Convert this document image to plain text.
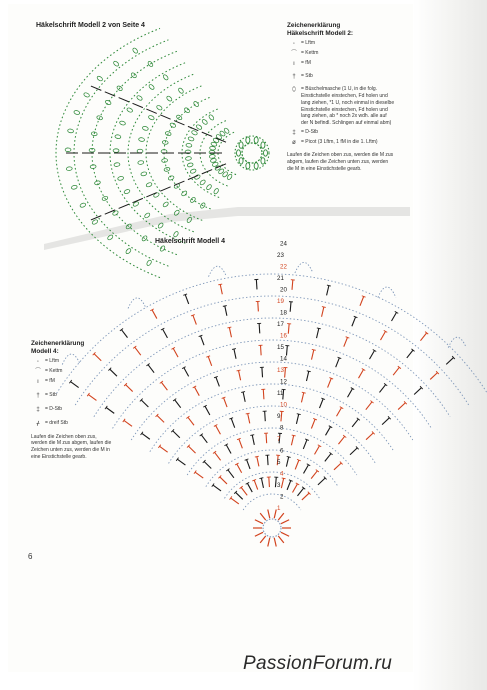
Häkelschrift Modell 2 von Seite 4
1
2
3
4
5
6
7
8
9
10
11
12
13
14
15
16
17
18
19
20
21
22
23
24
Zeichenerklärung
Häkelschrift Modell 2:
◦	= Lftm
⌒ = Kettm
ı	= fM
†	= Stb
⬯	= Büschelmasche (1 U, in die folg. Einstichstelle einstechen, Fd holen und lang ziehen, *1 U, noch einmal in dieselbe Einstichstelle einstechen, Fd holen und lang ziehen, ab * noch 2x wdh. alle auf der N befindl. Schlingen auf einmal abm)
‡	= D-Stb
ø	= Picot (3 Lftm, 1 fM in die 1. Lftm)
Laufen die Zeichen oben zus, werden die M zus abgem, laufen die Zeichen unten zus, werden die M in eine Einstichstelle gearb.
Häkelschrift Modell 4
Zeichenerklärung
Modell 4:
◦	= Lftm
⌒ = Kettm
ı	= fM
†	= Stb
‡	= D-Stb
ᚋ	= dreif Stb
Laufen die Zeichen oben zus, werden die M zus abgem, laufen die Zeichen unten zus, werden die M in eine Einstichstelle gearb.
6
PassionForum.ru
